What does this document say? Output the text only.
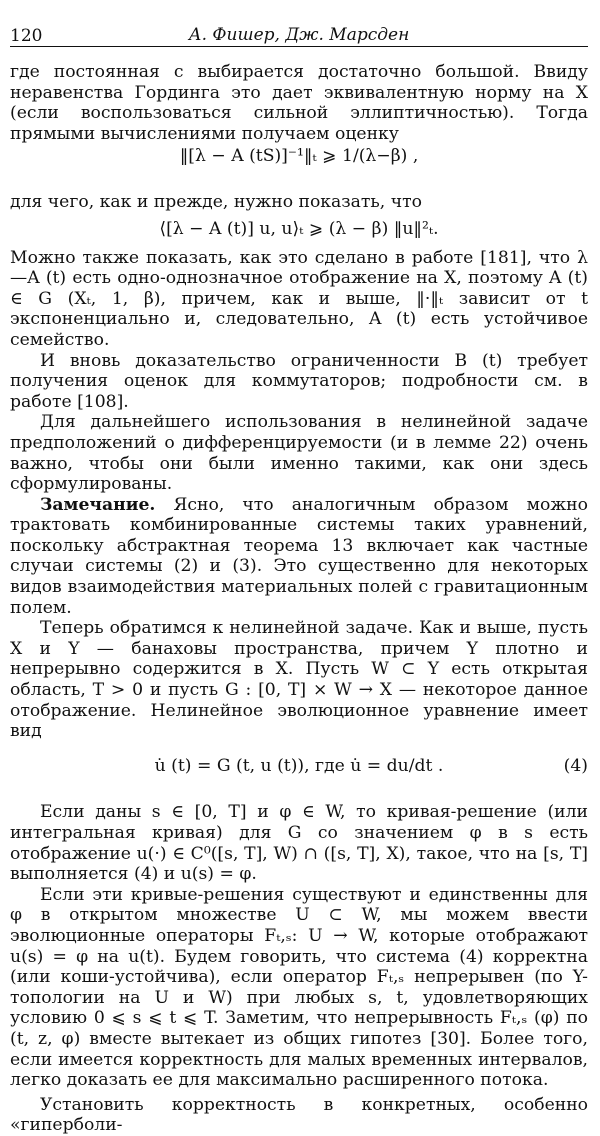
120	А. Фишер, Дж. Марсден

где постоянная c выбирается достаточно большой. Ввиду неравенства Гординга это дает эквивалентную норму на X (если воспользоваться сильной эллиптичностью). Тогда прямыми вычислениями получаем оценку

‖[λ − A (tS)]⁻¹‖ₜ ⩾ 1/(λ−β) ,

для чего, как и прежде, нужно показать, что

⟨[λ − A (t)] u, u⟩ₜ ⩾ (λ − β) ‖u‖²ₜ.

Можно также показать, как это сделано в работе [181], что λ—A (t) есть одно-однозначное отображение на X, поэтому A (t) ∈ G (Xₜ, 1, β), причем, как и выше, ‖·‖ₜ зависит от t экспоненциально и, следовательно, A (t) есть устойчивое семейство.

И вновь доказательство ограниченности B (t) требует получения оценок для коммутаторов; подробности см. в работе [108].

Для дальнейшего использования в нелинейной задаче предположений о дифференцируемости (и в лемме 22) очень важно, чтобы они были именно такими, как они здесь сформулированы.

Замечание. Ясно, что аналогичным образом можно трактовать комбинированные системы таких уравнений, поскольку абстрактная теорема 13 включает как частные случаи системы (2) и (3). Это существенно для некоторых видов взаимодействия материальных полей с гравитационным полем.

Теперь обратимся к нелинейной задаче. Как и выше, пусть X и Y — банаховы пространства, причем Y плотно и непрерывно содержится в X. Пусть W ⊂ Y есть открытая область, T > 0 и пусть G : [0, T] × W → X — некоторое данное отображение. Нелинейное эволюционное уравнение имеет вид

u̇ (t) = G (t, u (t)), где u̇ = du/dt .	(4)

Если даны s ∈ [0, T] и φ ∈ W, то кривая-решение (или интегральная кривая) для G со значением φ в s есть отображение u(·) ∈ C⁰([s, T], W) ∩ ([s, T], X), такое, что на [s, T] выполняется (4) и u(s) = φ.

Если эти кривые-решения существуют и единственны для φ в открытом множестве U ⊂ W, мы можем ввести эволюционные операторы Fₜ,ₛ: U → W, которые отображают u(s) = φ на u(t). Будем говорить, что система (4) корректна (или коши-устойчива), если оператор Fₜ,ₛ непрерывен (по Y-топологии на U и W) при любых s, t, удовлетворяющих условию 0 ⩽ s ⩽ t ⩽ T. Заметим, что непрерывность Fₜ,ₛ (φ) по (t, z, φ) вместе вытекает из общих гипотез [30]. Более того, если имеется корректность для малых временных интервалов, легко доказать ее для максимально расширенного потока.

Установить корректность в конкретных, особенно «гиперболи-
